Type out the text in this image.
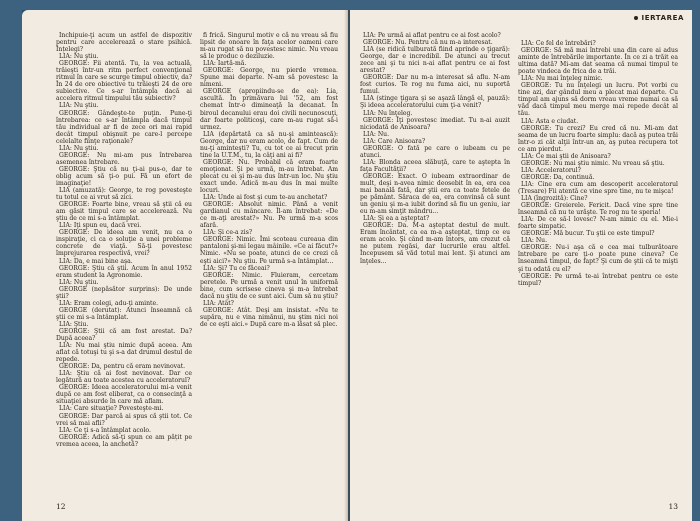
Inchipuie-ţi acum un astfel de dispozitiv pentru care accelerează o stare psihică. Înțelegi?

LIA: Nu ştiu.

GEORGE: Fii atentă. Tu, la vea actuală, trăieşti într-un ritm perfect convenţional ritmul în care se scurge timpul obiectiv, da? În 24 de ore obiective tu trăieşti 24 de ore subiective. Ce s-ar întâmpla dacă ai accelera ritmul timpului tău subiectiv?

LIA: Nu ştiu.

GEORGE: Gândeşte-te puţin. Pune-ţi întrebarea: ce s-ar întâmpla dacă timpul tău individual ar fi de zece ori mai rapid decât timpul obişnuit pe care-l percepe celelalte fiinţe raţionale?

LIA: Nu ştiu.

GEORGE: Nu mi-am pus întrebarea asemenea întrebare.

GEORGE: Ştiu că nu ţi-ai pus-o, dar te oblig acum să ţi-o pui. Fă un efort de imaginaţie!

LIA (amuzată): George, te rog povesteşte tu totul ce ai vrut să zici.

GEORGE: Foarte bine, vreau să ştii că eu am găsit timpul care se accelerează. Nu ştiu de ce mi s-a întâmplat.

LIA: Iţi spun eu, dacă vrei.

GEORGE: De ideea am venit, nu ca o inspiraţie, ci ca o soluţie a unei probleme concrete de viaţă. Să-ţi povestesc împrejurarea respectivă, vrei?

LIA: Da, e mai bine aşa.

GEORGE: Ştiu că ştii. Acum în anul 1952 eram student la Agronomie.

LIA: Nu ştiu.

GEORGE (nepăsător surprins): De unde ştii?

LIA: Eram colegi, adu-ţi aminte.

GEORGE (derutat): Atunci înseamnă că ştii ce mi s-a întâmplat.

LIA: Ştiu.

GEORGE: Ştii că am fost arestat. Da? După aceea?

LIA: Nu mai ştiu nimic după aceea. Am aflat că totuşi tu şi s-a dat drumul destul de repede.

GEORGE: Da, pentru că eram nevinovat.

LIA: Ştiu că ai fost nevinovat. Dar ce legătură au toate acestea cu acceleratorul?

GEORGE: Ideea acceleratorului mi-a venit după ce am fost eliberat, ca o consecinţă a situaţiei absurde în care mă aflam.

LIA: Care situaţie? Povesteşte-mi.

GEORGE: Dar parcă ai spus că ştii tot. Ce vrei să mai afli?

LIA: Ce ţi s-a întâmplat acolo.

GEORGE: Adică să-ţi spun ce am pățit pe vremea aceea, la anchetă?

fi frică. Singurul motiv e că nu vreau să fiu lipsit de onoare în faţa acelor oameni care m-au rugat să nu povestesc nimic. Nu vreau să le produc o deziluzie.

LIA: Iartă-mă.

GEORGE: George, nu pierde vremea. Spune mai departe. N-am să povestesc la nimeni.

GEORGE (apropiindu-se de ea): Lia, ascultă. În primăvara lui '52, am fost chemat într-o dimineaţă la decanat. În biroul decanului erau doi civili necunoscuţi, dar foarte politicoşi, care m-au rugat să-i urmez.

LIA (depărtată ca să nu-şi amintească): George, dar nu eram acolo, de fapt. Cum de nu-ţi aminteşti? Tu, cu tot ce ai trecut prin tine la U.T.M., tu, la câţi ani ai fi?

GEORGE: Nu. Probabil că eram foarte emoţionat. Şi pe urmă, m-au întrebat. Am plecat cu ei şi m-au dus într-un loc. Nu ştiu exact unde. Adică m-au dus în mai multe locuri.

LIA: Unde ai fost şi cum te-au anchetat?

GEORGE: Absolut nimic. Până a venit gardianul cu mâncare. Îl-am întrebat: «De ce m-aţi arestat?» Nu. Pe urmă m-a scos afară.

LIA: Şi ce-a zis?

GEORGE: Nimic. Îmi scoteau cureaua din pantaloni şi-mi legau mâinile. «Ce ai făcut?» Nimic. «Nu se poate, atunci de ce crezi că eşti aici?» Nu ştiu. Pe urmă s-a întâmplat...

LIA: Şi? Tu ce făceai?

GEORGE: Nimic. Fluieram, cercetam peretele. Pe urmă a venit unul în uniformă bine, cum scrisese cineva şi m-a întrebat dacă nu ştiu de ce sunt aici. Cum să nu ştiu?

LIA: Atât?

GEORGE: Atât. Deşi am insistat. «Nu te supăra, nu e vina nimănui, nu ştim nici noi de ce eşti aici.» După care m-a lăsat să plec.

12
IERTAREA

LIA: Pe urmă ai aflat pentru ce ai fost acolo?

GEORGE: Nu. Pentru că nu m-a interesat.

LIA (se ridică tulburată fiind aprinde o ţigară): George, dar e incredibil. De atunci au trecut zece ani şi tu nici n-ai aflat pentru ce ai fost arestat?

GEORGE: Dar nu m-a interesat să aflu. N-am fost curios. Te rog nu fuma aici, nu suportă fumul.

LIA (stinge ţigara şi se aşază lângă el, pauză): Şi ideea acceleratorului cum ţi-a venit?

LIA: Nu înţeleg.

GEORGE: Îţi povestesc imediat. Tu n-ai auzit niciodată de Anisoara?

LIA: Nu.

LIA: Care Anisoara?

GEORGE: O fată pe care o iubeam cu pe atunci.

LIA: Blonda aceea slăbuţă, care te aştepta în faţa Facultăţii?

GEORGE: Exact. O iubeam extraordinar de mult, deşi n-avea nimic deosebit în ea, era cea mai banală fată, dar ştii era ca toate fetele de pe pământ. Săraca de ea, era convinsă că sunt un geniu şi m-a iubit dorind să fiu un geniu, iar eu m-am simţit mândru...

LIA: Şi ea a aşteptat?

GEORGE: Da. M-a aşteptat destul de mult. Eram încântat, ca ea m-a aşteptat, timp ce eu eram acolo. Şi când m-am întors, am crezut că ne putem regăsi, dar lucrurile erau altfel. Începusem să văd totul mai lent. Şi atunci am înţeles...

LIA: Ce fel de întrebări?

GEORGE: Să mă mai întrebi una din care ai adus aminte de întrebările importante. În ce zi a trăit ea ultima dată? Mi-am dat seama că numai timpul te poate vindeca de frica de a trăi.

LIA: Nu mai înţeleg nimic.

GEORGE: Tu nu înţelegi un lucru. Pot vorbi cu tine azi, dar gândul meu a plecat mai departe. Cu timpul am ajuns să dorm vreau vreme numai ca să văd dacă timpul meu merge mai repede decât al tău.

LIA: Asta e ciudat.

GEORGE: Tu crezi? Eu cred că nu. Mi-am dat seama de un lucru foarte simplu: dacă aş putea trăi într-o zi cât alţii într-un an, aş putea recupera tot ce am pierdut.

LIA: Ce mai ştii de Anisoara?

GEORGE: Nu mai ştiu nimic. Nu vreau să ştiu.

LIA: Acceleratorul?

GEORGE: Da, continuă.

LIA: Cine era cum am descoperit acceleratorul (Tresare) Fii atentă ce vine spre tine, nu te mişca!

LIA (îngrozită): Cine?

GEORGE: Greierele. Fericit. Dacă vine spre tine înseamnă că nu te urăşte. Te rog nu te speria!

LIA: De ce să-l lovesc? N-am nimic cu el. Mie-i foarte simpatic.

GEORGE: Mă bucur. Tu ştii ce este timpul?

LIA: Nu.

GEORGE: Nu-i aşa că e cea mai tulburătoare întrebare pe care ţi-o poate pune cineva? Ce înseamnă timpul, de fapt? Şi cum de ştii că te mişti şi tu odată cu el?

GEORGE: Pe urmă te-ai întrebat pentru ce este timpul?

13
